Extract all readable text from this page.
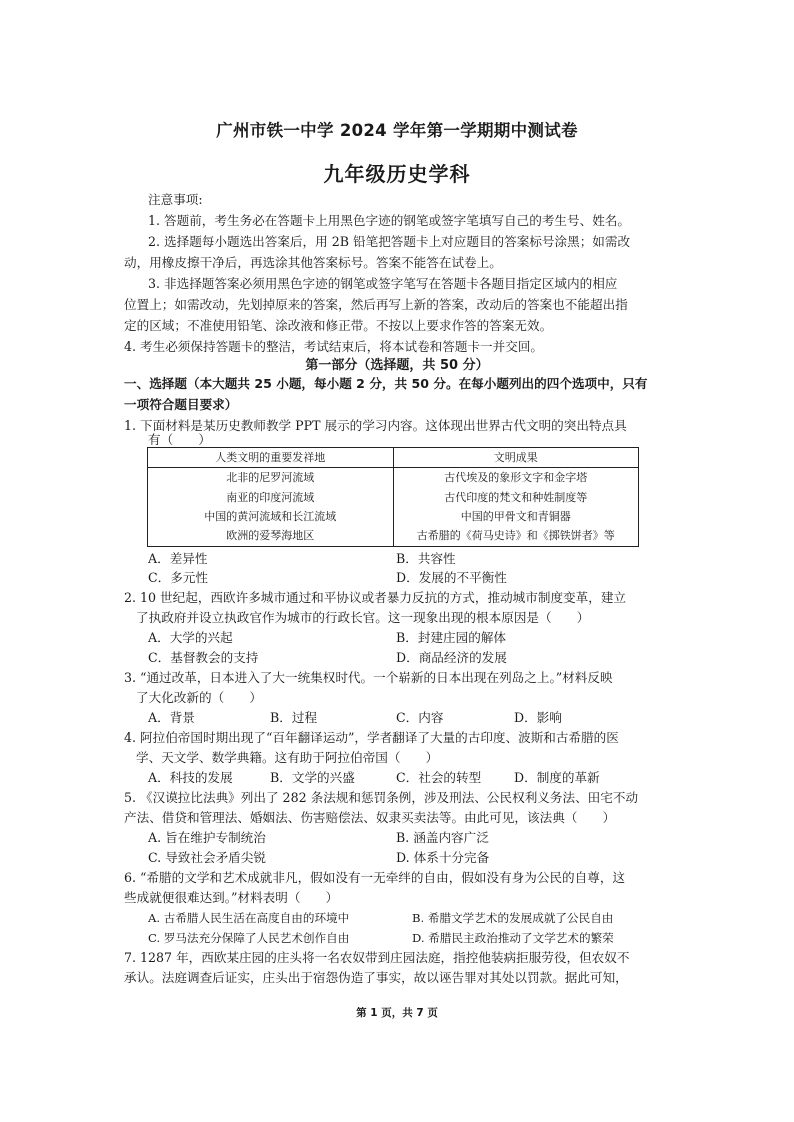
广州市铁一中学 2024 学年第一学期期中测试卷
九年级历史学科
注意事项:
1. 答题前，考生务必在答题卡上用黑色字迹的钢笔或签字笔填写自己的考生号、姓名。
2. 选择题每小题选出答案后，用 2B 铅笔把答题卡上对应题目的答案标号涂黑；如需改
动，用橡皮擦干净后，再选涂其他答案标号。答案不能答在试卷上。
3. 非选择题答案必须用黑色字迹的钢笔或签字笔写在答题卡各题目指定区域内的相应
位置上；如需改动，先划掉原来的答案，然后再写上新的答案，改动后的答案也不能超出指
定的区域；不准使用铅笔、涂改液和修正带。不按以上要求作答的答案无效。
4. 考生必须保持答题卡的整洁，考试结束后，将本试卷和答题卡一并交回。
第一部分（选择题，共 50 分）
一、选择题（本大题共 25 小题，每小题 2 分，共 50 分。在每小题列出的四个选项中，只有
一项符合题目要求）
1. 下面材料是某历史教师教学 PPT 展示的学习内容。这体现出世界古代文明的突出特点具
有（　　）
人类文明的重要发祥地	文明成果
北非的尼罗河流域	古代埃及的象形文字和金字塔
南亚的印度河流域	古代印度的梵文和种姓制度等
中国的黄河流域和长江流域	中国的甲骨文和青铜器
欧洲的爱琴海地区	古希腊的《荷马史诗》和《掷铁饼者》等
A．差异性	B．共容性
C．多元性	D．发展的不平衡性
2. 10 世纪起，西欧许多城市通过和平协议或者暴力反抗的方式，推动城市制度变革，建立
了执政府并设立执政官作为城市的行政长官。这一现象出现的根本原因是（　　）
A．大学的兴起	B．封建庄园的解体
C．基督教会的支持	D．商品经济的发展
3. “通过改革，日本进入了大一统集权时代。一个崭新的日本出现在列岛之上。”材料反映
了大化改新的（　　）
A．背景	B．过程	C．内容	D．影响
4. 阿拉伯帝国时期出现了“百年翻译运动”，学者翻译了大量的古印度、波斯和古希腊的医
学、天文学、数学典籍。这有助于阿拉伯帝国（　　）
A．科技的发展	B．文学的兴盛	C．社会的转型	D．制度的革新
5. 《汉谟拉比法典》列出了 282 条法规和惩罚条例，涉及刑法、公民权利义务法、田宅不动
产法、借贷和管理法、婚姻法、伤害赔偿法、奴隶买卖法等。由此可见，该法典（　　）
A. 旨在维护专制统治	B. 涵盖内容广泛
C. 导致社会矛盾尖锐	D. 体系十分完备
6. “希腊的文学和艺术成就非凡，假如没有一无牵绊的自由，假如没有身为公民的自尊，这
些成就便很难达到。”材料表明（　　）
A. 古希腊人民生活在高度自由的环境中	B. 希腊文学艺术的发展成就了公民自由
C. 罗马法充分保障了人民艺术创作自由	D. 希腊民主政治推动了文学艺术的繁荣
7. 1287 年，西欧某庄园的庄头将一名农奴带到庄园法庭，指控他装病拒服劳役，但农奴不
承认。法庭调查后证实，庄头出于宿怨伪造了事实，故以诬告罪对其处以罚款。据此可知，
第 1 页，共 7 页
